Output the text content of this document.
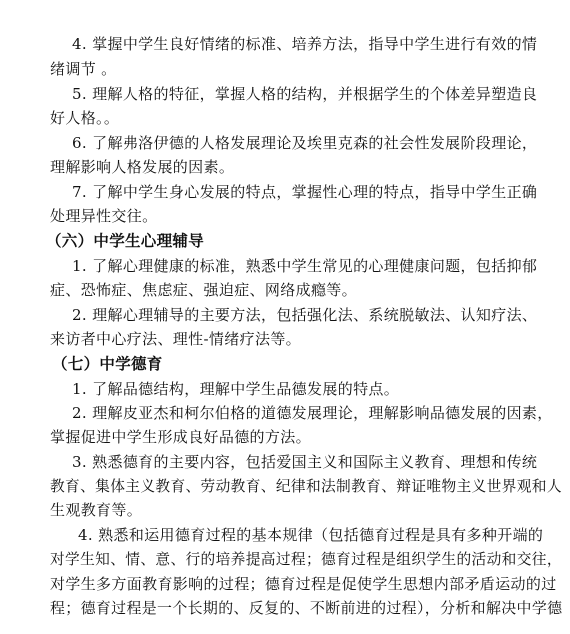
4. 掌握中学生良好情绪的标准、培养方法，指导中学生进行有效的情
绪调节 。
5. 理解人格的特征，掌握人格的结构，并根据学生的个体差异塑造良
好人格。。
6. 了解弗洛伊德的人格发展理论及埃里克森的社会性发展阶段理论，
理解影响人格发展的因素。
7. 了解中学生身心发展的特点，掌握性心理的特点，指导中学生正确
处理异性交往。
（六）中学生心理辅导
1. 了解心理健康的标准，熟悉中学生常见的心理健康问题，包括抑郁
症、恐怖症、焦虑症、强迫症、网络成瘾等。
2. 理解心理辅导的主要方法，包括强化法、系统脱敏法、认知疗法、
来访者中心疗法、理性-情绪疗法等。
（七）中学德育
1. 了解品德结构，理解中学生品德发展的特点。
2. 理解皮亚杰和柯尔伯格的道德发展理论，理解影响品德发展的因素，
掌握促进中学生形成良好品德的方法。
3. 熟悉德育的主要内容，包括爱国主义和国际主义教育、理想和传统
教育、集体主义教育、劳动教育、纪律和法制教育、辩证唯物主义世界观和人
生观教育等。
4. 熟悉和运用德育过程的基本规律（包括德育过程是具有多种开端的
对学生知、情、意、行的培养提高过程；德育过程是组织学生的活动和交往，
对学生多方面教育影响的过程；德育过程是促使学生思想内部矛盾运动的过
程；德育过程是一个长期的、反复的、不断前进的过程），分析和解决中学德
